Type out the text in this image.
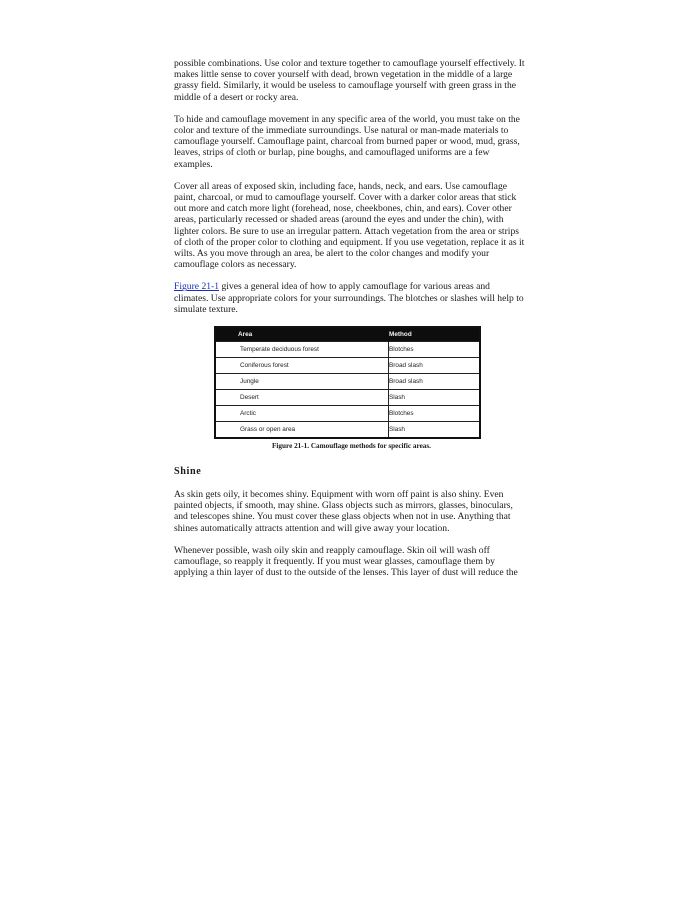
possible combinations. Use color and texture together to camouflage yourself effectively. It makes little sense to cover yourself with dead, brown vegetation in the middle of a large grassy field. Similarly, it would be useless to camouflage yourself with green grass in the middle of a desert or rocky area.

To hide and camouflage movement in any specific area of the world, you must take on the color and texture of the immediate surroundings. Use natural or man-made materials to camouflage yourself. Camouflage paint, charcoal from burned paper or wood, mud, grass, leaves, strips of cloth or burlap, pine boughs, and camouflaged uniforms are a few examples.

Cover all areas of exposed skin, including face, hands, neck, and ears. Use camouflage paint, charcoal, or mud to camouflage yourself. Cover with a darker color areas that stick out more and catch more light (forehead, nose, cheekbones, chin, and ears). Cover other areas, particularly recessed or shaded areas (around the eyes and under the chin), with lighter colors. Be sure to use an irregular pattern. Attach vegetation from the area or strips of cloth of the proper color to clothing and equipment. If you use vegetation, replace it as it wilts. As you move through an area, be alert to the color changes and modify your camouflage colors as necessary.

Figure 21-1 gives a general idea of how to apply camouflage for various areas and climates. Use appropriate colors for your surroundings. The blotches or slashes will help to simulate texture.

Area	Method
Temperate deciduous forest	Blotches
Coniferous forest	Broad slash
Jungle	Broad slash
Desert	Slash
Arctic	Blotches
Grass or open area	Slash
Figure 21-1. Camouflage methods for specific areas.
Shine

As skin gets oily, it becomes shiny. Equipment with worn off paint is also shiny. Even painted objects, if smooth, may shine. Glass objects such as mirrors, glasses, binoculars, and telescopes shine. You must cover these glass objects when not in use. Anything that shines automatically attracts attention and will give away your location.

Whenever possible, wash oily skin and reapply camouflage. Skin oil will wash off camouflage, so reapply it frequently. If you must wear glasses, camouflage them by applying a thin layer of dust to the outside of the lenses. This layer of dust will reduce the
